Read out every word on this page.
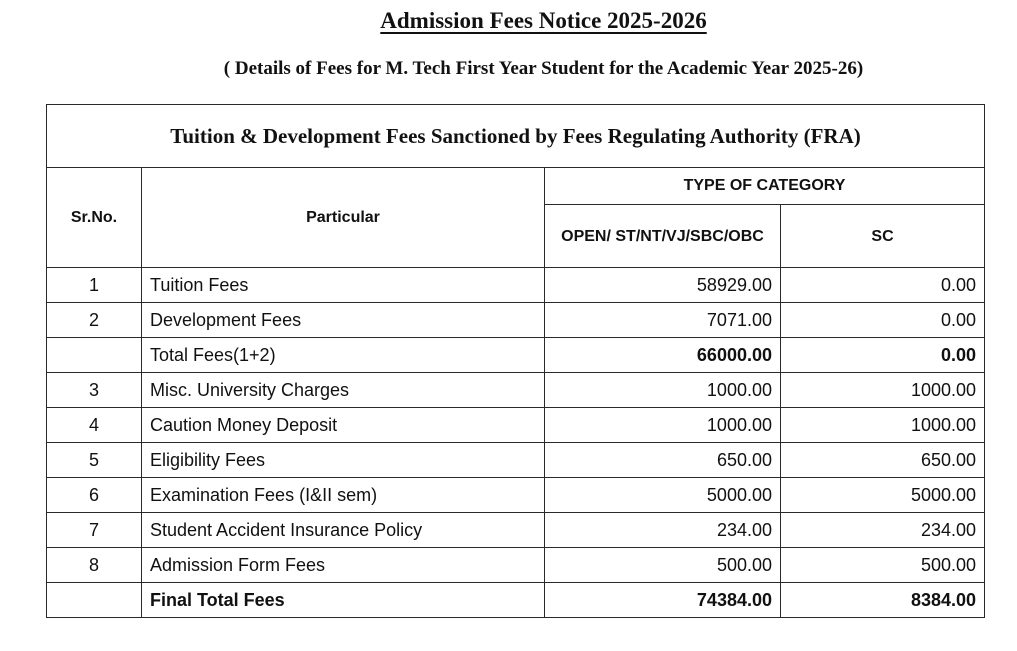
Admission Fees Notice 2025-2026
( Details of Fees for M. Tech First Year Student for the Academic Year 2025-26)
Tuition & Development Fees Sanctioned by Fees Regulating Authority (FRA)			
Sr.No.	Particular	TYPE OF CATEGORY	
		OPEN/ ST/NT/VJ/SBC/OBC	SC
1	Tuition Fees	58929.00	0.00
2	Development Fees	7071.00	0.00
	Total Fees(1+2)	66000.00	0.00
3	Misc. University Charges	1000.00	1000.00
4	Caution Money Deposit	1000.00	1000.00
5	Eligibility Fees	650.00	650.00
6	Examination Fees (I&II sem)	5000.00	5000.00
7	Student Accident Insurance Policy	234.00	234.00
8	Admission Form Fees	500.00	500.00
	Final Total Fees	74384.00	8384.00
